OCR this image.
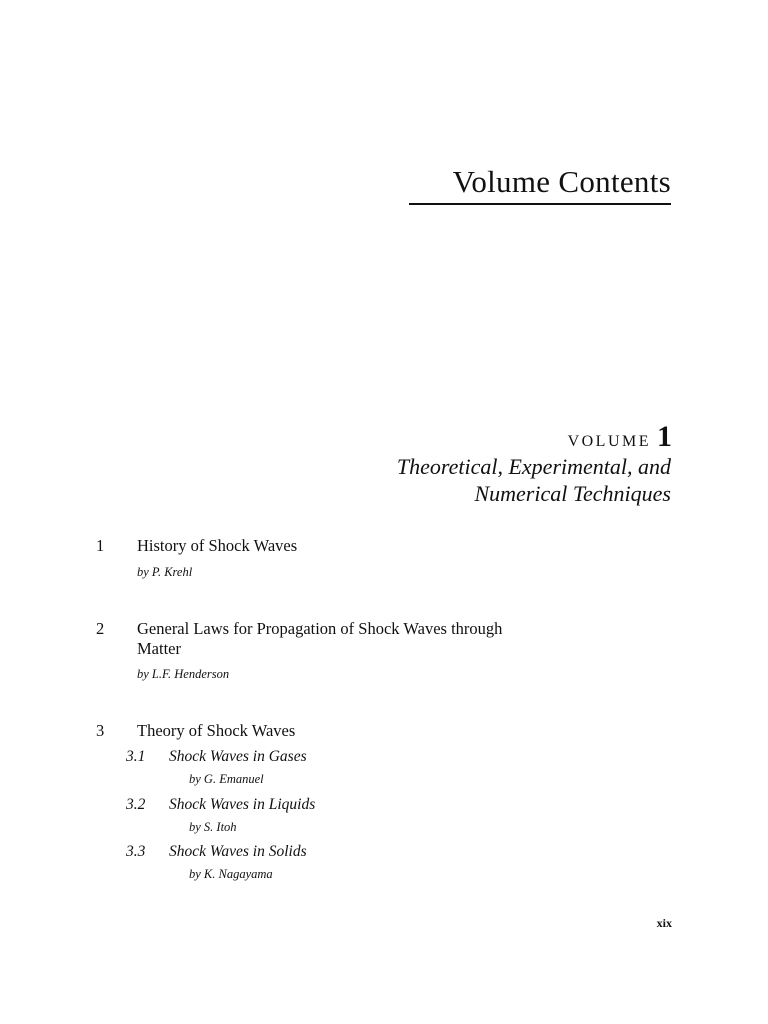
Volume Contents
VOLUME 1
Theoretical, Experimental, and
Numerical Techniques
1 History of Shock Waves
by P. Krehl
2 General Laws for Propagation of Shock Waves through
Matter
by L.F. Henderson
3 Theory of Shock Waves
3.1 Shock Waves in Gases
by G. Emanuel
3.2 Shock Waves in Liquids
by S. Itoh
3.3 Shock Waves in Solids
by K. Nagayama
xix
